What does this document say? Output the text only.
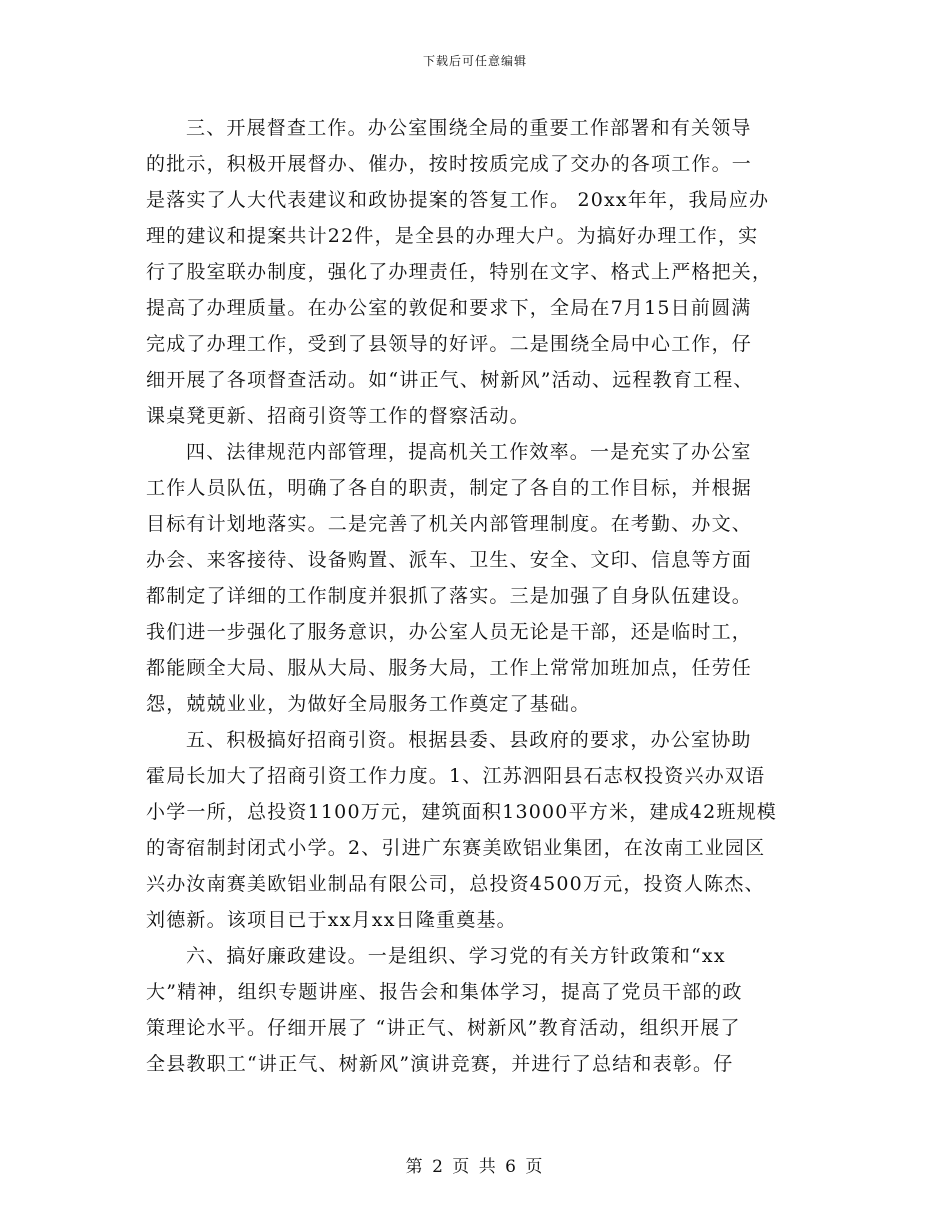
下载后可任意编辑
三、开展督查工作。办公室围绕全局的重要工作部署和有关领导
的批示，积极开展督办、催办，按时按质完成了交办的各项工作。一
是落实了人大代表建议和政协提案的答复工作。 20xx年年，我局应办
理的建议和提案共计22件，是全县的办理大户。为搞好办理工作，实
行了股室联办制度，强化了办理责任，特别在文字、格式上严格把关，
提高了办理质量。在办公室的敦促和要求下，全局在7月15日前圆满
完成了办理工作，受到了县领导的好评。二是围绕全局中心工作，仔
细开展了各项督查活动。如“讲正气、树新风”活动、远程教育工程、
课桌凳更新、招商引资等工作的督察活动。
四、法律规范内部管理，提高机关工作效率。一是充实了办公室
工作人员队伍，明确了各自的职责，制定了各自的工作目标，并根据
目标有计划地落实。二是完善了机关内部管理制度。在考勤、办文、
办会、来客接待、设备购置、派车、卫生、安全、文印、信息等方面
都制定了详细的工作制度并狠抓了落实。三是加强了自身队伍建设。
我们进一步强化了服务意识，办公室人员无论是干部，还是临时工，
都能顾全大局、服从大局、服务大局，工作上常常加班加点，任劳任
怨，兢兢业业，为做好全局服务工作奠定了基础。
五、积极搞好招商引资。根据县委、县政府的要求，办公室协助
霍局长加大了招商引资工作力度。1、江苏泗阳县石志权投资兴办双语
小学一所，总投资1100万元，建筑面积13000平方米，建成42班规模
的寄宿制封闭式小学。2、引进广东赛美欧铝业集团，在汝南工业园区
兴办汝南赛美欧铝业制品有限公司，总投资4500万元，投资人陈杰、
刘德新。该项目已于xx月xx日隆重奠基。
六、搞好廉政建设。一是组织、学习党的有关方针政策和“xx
大”精神，组织专题讲座、报告会和集体学习，提高了党员干部的政
策理论水平。仔细开展了 “讲正气、树新风”教育活动，组织开展了
全县教职工“讲正气、树新风”演讲竞赛，并进行了总结和表彰。仔
第 2 页 共 6 页
